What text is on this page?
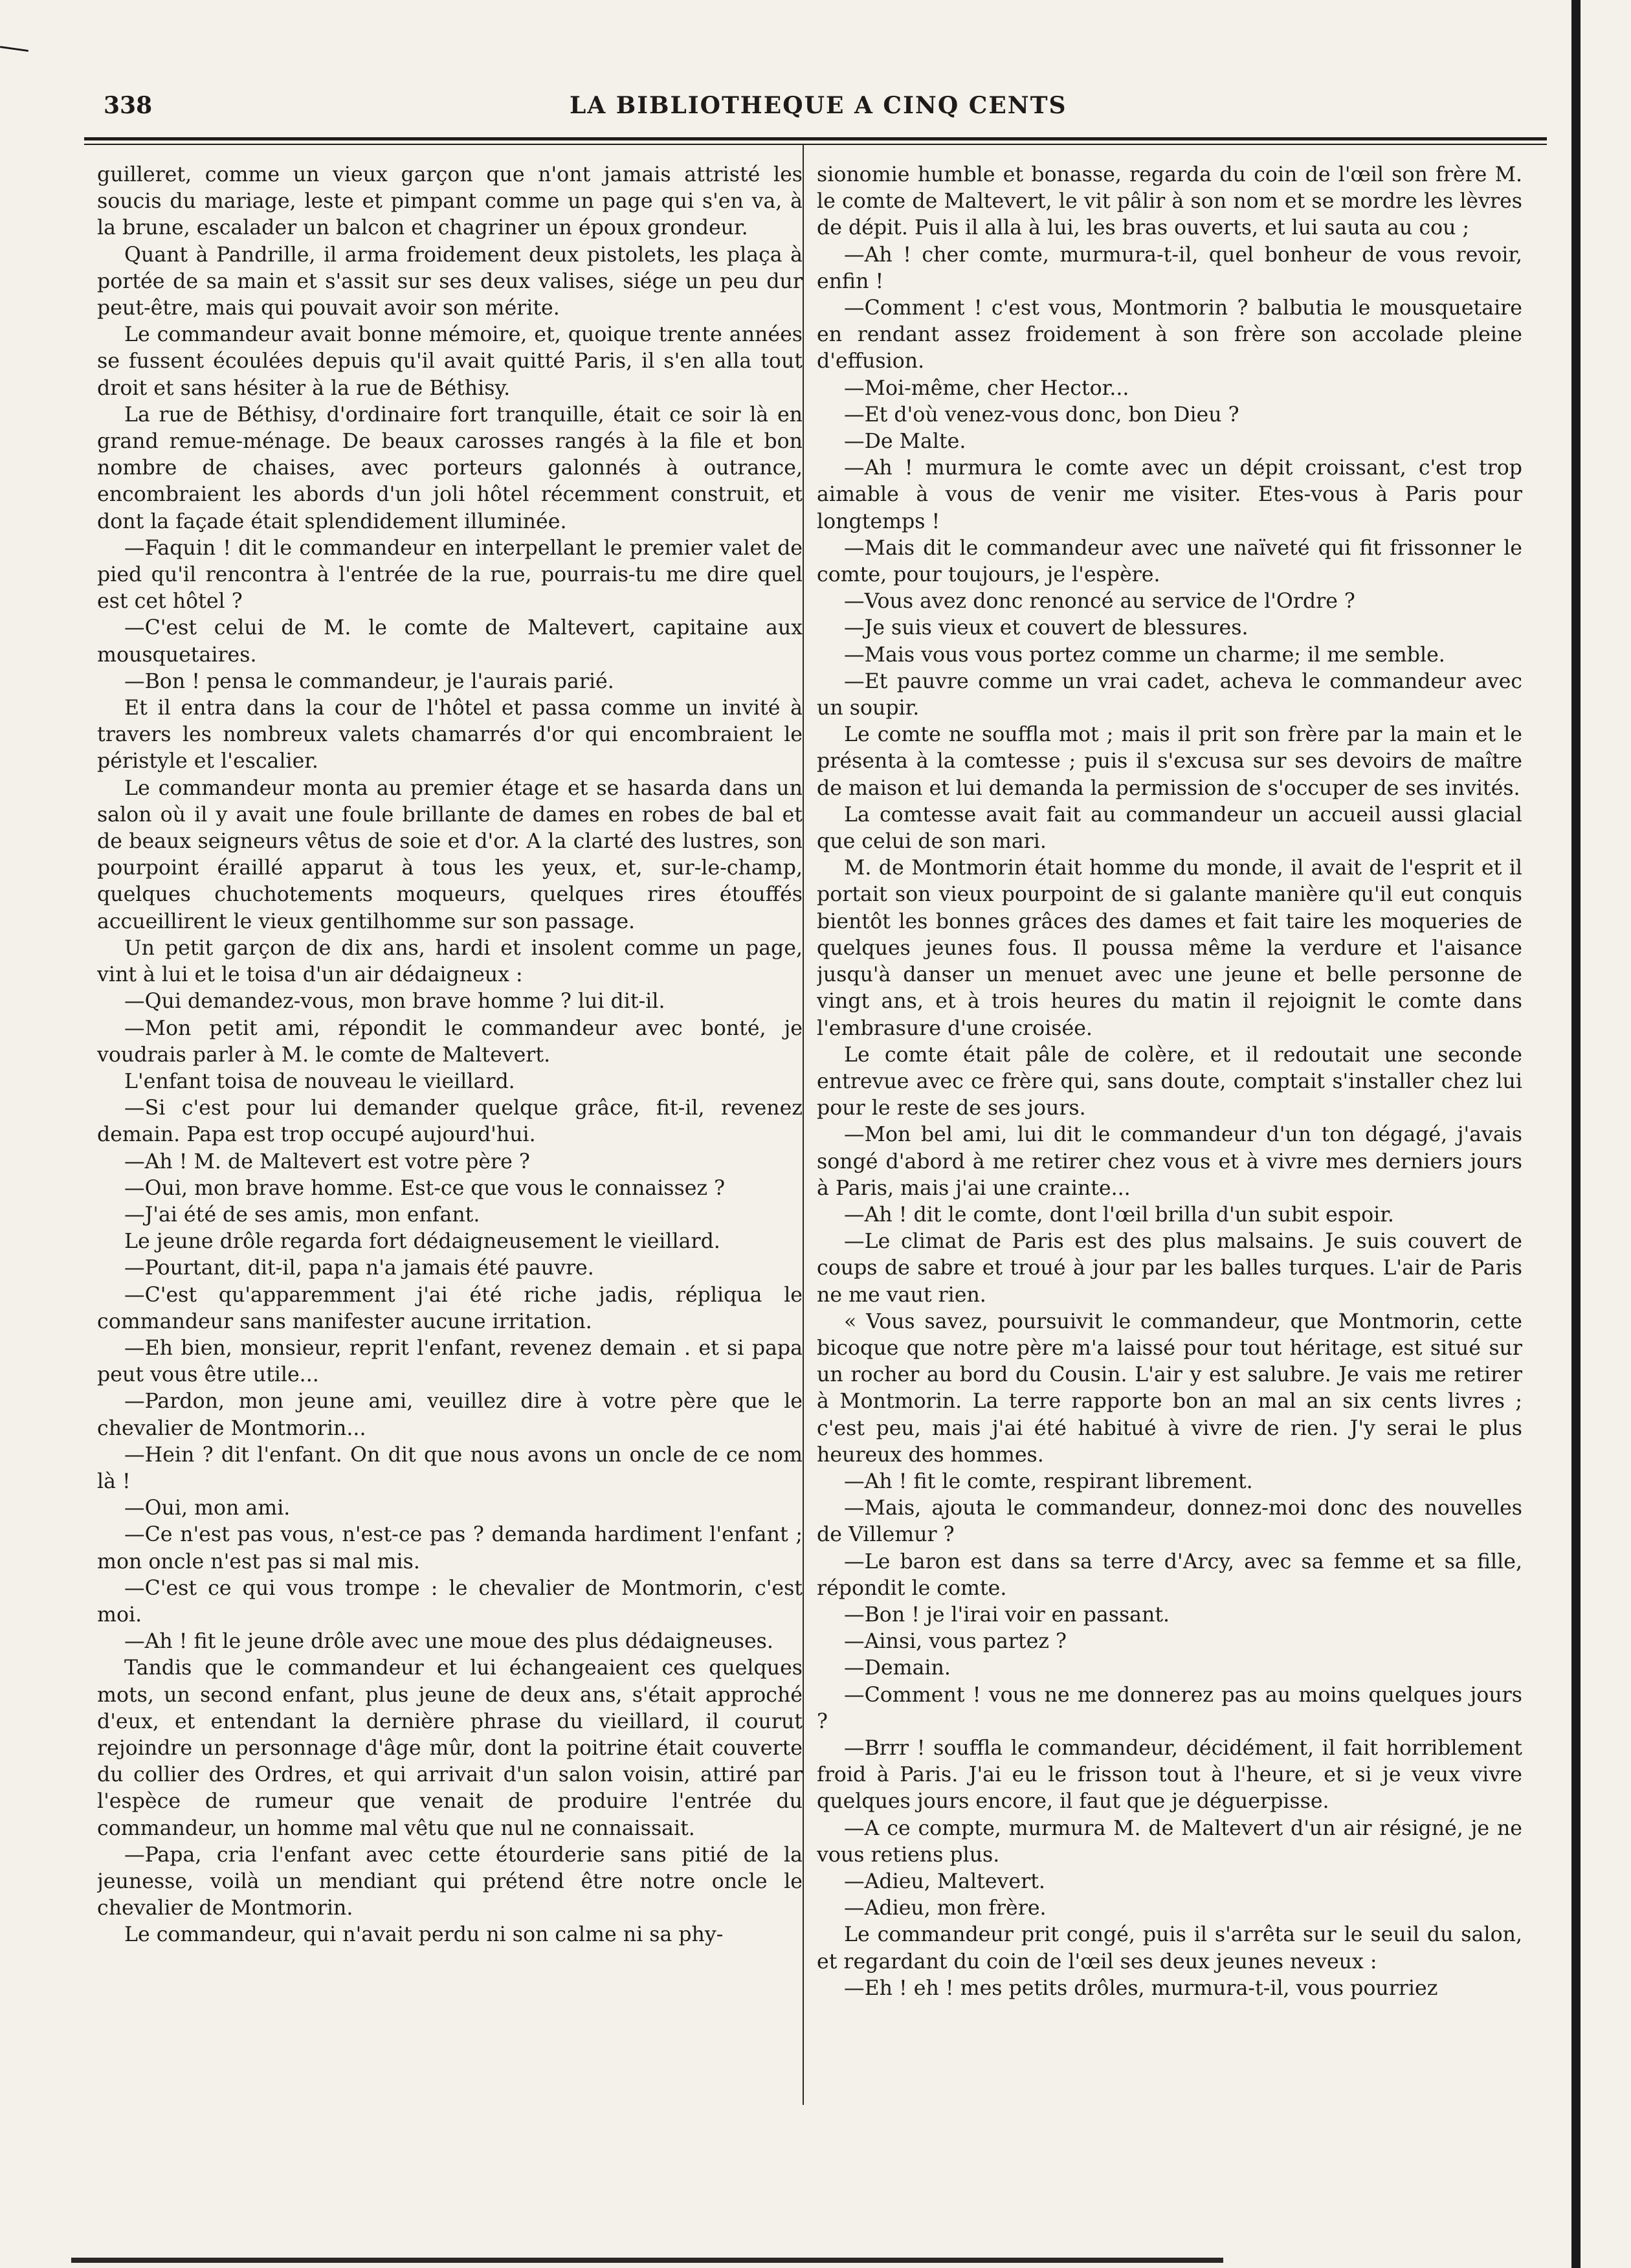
338	LA BIBLIOTHEQUE A CINQ CENTS

guilleret, comme un vieux garçon que n'ont jamais attristé les soucis du mariage, leste et pimpant comme un page qui s'en va, à la brune, escalader un balcon et chagriner un époux grondeur.

Quant à Pandrille, il arma froidement deux pistolets, les plaça à portée de sa main et s'assit sur ses deux valises, siége un peu dur peut-être, mais qui pouvait avoir son mérite.

Le commandeur avait bonne mémoire, et, quoique trente années se fussent écoulées depuis qu'il avait quitté Paris, il s'en alla tout droit et sans hésiter à la rue de Béthisy.

La rue de Béthisy, d'ordinaire fort tranquille, était ce soir là en grand remue-ménage. De beaux carosses rangés à la file et bon nombre de chaises, avec porteurs galonnés à outrance, encombraient les abords d'un joli hôtel récemment construit, et dont la façade était splendidement illuminée.

—Faquin ! dit le commandeur en interpellant le premier valet de pied qu'il rencontra à l'entrée de la rue, pourrais-tu me dire quel est cet hôtel ?

—C'est celui de M. le comte de Maltevert, capitaine aux mousquetaires.

—Bon ! pensa le commandeur, je l'aurais parié.

Et il entra dans la cour de l'hôtel et passa comme un invité à travers les nombreux valets chamarrés d'or qui encombraient le péristyle et l'escalier.

Le commandeur monta au premier étage et se hasarda dans un salon où il y avait une foule brillante de dames en robes de bal et de beaux seigneurs vêtus de soie et d'or. A la clarté des lustres, son pourpoint éraillé apparut à tous les yeux, et, sur-le-champ, quelques chuchotements moqueurs, quelques rires étouffés accueillirent le vieux gentilhomme sur son passage.

Un petit garçon de dix ans, hardi et insolent comme un page, vint à lui et le toisa d'un air dédaigneux :

—Qui demandez-vous, mon brave homme ? lui dit-il.

—Mon petit ami, répondit le commandeur avec bonté, je voudrais parler à M. le comte de Maltevert.

L'enfant toisa de nouveau le vieillard.

—Si c'est pour lui demander quelque grâce, fit-il, revenez demain. Papa est trop occupé aujourd'hui.

—Ah ! M. de Maltevert est votre père ?

—Oui, mon brave homme. Est-ce que vous le connaissez ?

—J'ai été de ses amis, mon enfant.

Le jeune drôle regarda fort dédaigneusement le vieillard.

—Pourtant, dit-il, papa n'a jamais été pauvre.

—C'est qu'apparemment j'ai été riche jadis, répliqua le commandeur sans manifester aucune irritation.

—Eh bien, monsieur, reprit l'enfant, revenez demain . et si papa peut vous être utile...

—Pardon, mon jeune ami, veuillez dire à votre père que le chevalier de Montmorin...

—Hein ? dit l'enfant. On dit que nous avons un oncle de ce nom là !

—Oui, mon ami.

—Ce n'est pas vous, n'est-ce pas ? demanda hardiment l'enfant ; mon oncle n'est pas si mal mis.

—C'est ce qui vous trompe : le chevalier de Montmorin, c'est moi.

—Ah ! fit le jeune drôle avec une moue des plus dédaigneuses.

Tandis que le commandeur et lui échangeaient ces quelques mots, un second enfant, plus jeune de deux ans, s'était approché d'eux, et entendant la dernière phrase du vieillard, il courut rejoindre un personnage d'âge mûr, dont la poitrine était couverte du collier des Ordres, et qui arrivait d'un salon voisin, attiré par l'espèce de rumeur que venait de produire l'entrée du commandeur, un homme mal vêtu que nul ne connaissait.

—Papa, cria l'enfant avec cette étourderie sans pitié de la jeunesse, voilà un mendiant qui prétend être notre oncle le chevalier de Montmorin.

Le commandeur, qui n'avait perdu ni son calme ni sa phy-

sionomie humble et bonasse, regarda du coin de l'œil son frère M. le comte de Maltevert, le vit pâlir à son nom et se mordre les lèvres de dépit. Puis il alla à lui, les bras ouverts, et lui sauta au cou ;

—Ah ! cher comte, murmura-t-il, quel bonheur de vous revoir, enfin !

—Comment ! c'est vous, Montmorin ? balbutia le mousquetaire en rendant assez froidement à son frère son accolade pleine d'effusion.

—Moi-même, cher Hector...

—Et d'où venez-vous donc, bon Dieu ?

—De Malte.

—Ah ! murmura le comte avec un dépit croissant, c'est trop aimable à vous de venir me visiter. Etes-vous à Paris pour longtemps !

—Mais dit le commandeur avec une naïveté qui fit frissonner le comte, pour toujours, je l'espère.

—Vous avez donc renoncé au service de l'Ordre ?

—Je suis vieux et couvert de blessures.

—Mais vous vous portez comme un charme; il me semble.

—Et pauvre comme un vrai cadet, acheva le commandeur avec un soupir.

Le comte ne souffla mot ; mais il prit son frère par la main et le présenta à la comtesse ; puis il s'excusa sur ses devoirs de maître de maison et lui demanda la permission de s'occuper de ses invités.

La comtesse avait fait au commandeur un accueil aussi glacial que celui de son mari.

M. de Montmorin était homme du monde, il avait de l'esprit et il portait son vieux pourpoint de si galante manière qu'il eut conquis bientôt les bonnes grâces des dames et fait taire les moqueries de quelques jeunes fous. Il poussa même la verdure et l'aisance jusqu'à danser un menuet avec une jeune et belle personne de vingt ans, et à trois heures du matin il rejoignit le comte dans l'embrasure d'une croisée.

Le comte était pâle de colère, et il redoutait une seconde entrevue avec ce frère qui, sans doute, comptait s'installer chez lui pour le reste de ses jours.

—Mon bel ami, lui dit le commandeur d'un ton dégagé, j'avais songé d'abord à me retirer chez vous et à vivre mes derniers jours à Paris, mais j'ai une crainte...

—Ah ! dit le comte, dont l'œil brilla d'un subit espoir.

—Le climat de Paris est des plus malsains. Je suis couvert de coups de sabre et troué à jour par les balles turques. L'air de Paris ne me vaut rien.

« Vous savez, poursuivit le commandeur, que Montmorin, cette bicoque que notre père m'a laissé pour tout héritage, est situé sur un rocher au bord du Cousin. L'air y est salubre. Je vais me retirer à Montmorin. La terre rapporte bon an mal an six cents livres ; c'est peu, mais j'ai été habitué à vivre de rien. J'y serai le plus heureux des hommes.

—Ah ! fit le comte, respirant librement.

—Mais, ajouta le commandeur, donnez-moi donc des nouvelles de Villemur ?

—Le baron est dans sa terre d'Arcy, avec sa femme et sa fille, répondit le comte.

—Bon ! je l'irai voir en passant.

—Ainsi, vous partez ?

—Demain.

—Comment ! vous ne me donnerez pas au moins quelques jours ?

—Brrr ! souffla le commandeur, décidément, il fait horriblement froid à Paris. J'ai eu le frisson tout à l'heure, et si je veux vivre quelques jours encore, il faut que je déguerpisse.

—A ce compte, murmura M. de Maltevert d'un air résigné, je ne vous retiens plus.

—Adieu, Maltevert.

—Adieu, mon frère.

Le commandeur prit congé, puis il s'arrêta sur le seuil du salon, et regardant du coin de l'œil ses deux jeunes neveux :

—Eh ! eh ! mes petits drôles, murmura-t-il, vous pourriez
